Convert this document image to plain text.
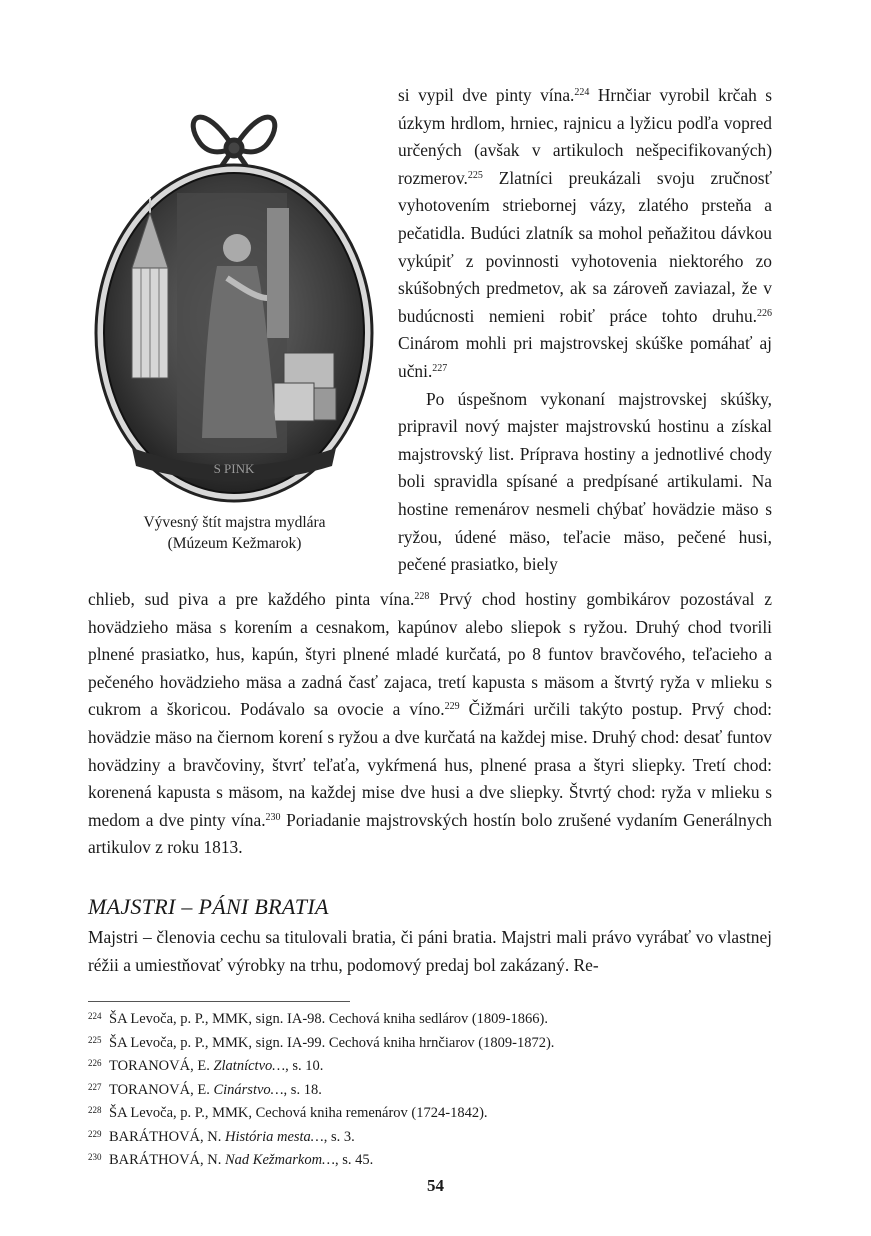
S PINK
Vývesný štít majstra mydlára
(Múzeum Kežmarok)

si vypil dve pinty vína.$^{224}$ Hrnčiar vyrobil krčah s úzkym hrdlom, hrniec, rajnicu a lyžicu podľa vopred určených (avšak v artikuloch nešpecifikovaných) rozmerov.$^{225}$ Zlatníci preukázali svoju zručnosť vyhotovením striebornej vázy, zlatého prsteňa a pečatidla. Budúci zlatník sa mohol peňažitou dávkou vykúpiť z povinnosti vyhotovenia niektorého zo skúšobných predmetov, ak sa zároveň zaviazal, že v budúcnosti nemieni robiť práce tohto druhu.$^{226}$ Cinárom mohli pri majstrovskej skúške pomáhať aj učni.$^{227}$

Po úspešnom vykonaní majstrovskej skúšky, pripravil nový majster majstrovskú hostinu a získal majstrovský list. Príprava hostiny a jednotlivé chody boli spravidla spísané a predpísané artikulami. Na hostine remenárov nesmeli chýbať hovädzie mäso s ryžou, údené mäso, teľacie mäso, pečené husi, pečené prasiatko, biely

chlieb, sud piva a pre každého pinta vína.$^{228}$ Prvý chod hostiny gombikárov pozostával z hovädzieho mäsa s korením a cesnakom, kapúnov alebo sliepok s ryžou. Druhý chod tvorili plnené prasiatko, hus, kapún, štyri plnené mladé kurčatá, po 8 funtov bravčového, teľacieho a pečeného hovädzieho mäsa a zadná časť zajaca, tretí kapusta s mäsom a štvrtý ryža v mlieku s cukrom a škoricou. Podávalo sa ovocie a víno.$^{229}$ Čižmári určili takýto postup. Prvý chod: hovädzie mäso na čiernom korení s ryžou a dve kurčatá na každej mise. Druhý chod: desať funtov hovädziny a bravčoviny, štvrť teľaťa, vykŕmená hus, plnené prasa a štyri sliepky. Tretí chod: korenená kapusta s mäsom, na každej mise dve husi a dve sliepky. Štvrtý chod: ryža v mlieku s medom a dve pinty vína.$^{230}$ Poriadanie majstrovských hostín bolo zrušené vydaním Generálnych artikulov z roku 1813.

MAJSTRI – PÁNI BRATIA

Majstri – členovia cechu sa titulovali bratia, či páni bratia. Majstri mali právo vyrábať vo vlastnej réžii a umiestňovať výrobky na trhu, podomový predaj bol zakázaný. Re-

224 ŠA Levoča, p. P., MMK, sign. IA-98. Cechová kniha sedlárov (1809-1866).
225 ŠA Levoča, p. P., MMK, sign. IA-99. Cechová kniha hrnčiarov (1809-1872).
226 TORANOVÁ, E. Zlatníctvo…, s. 10.
227 TORANOVÁ, E. Cinárstvo…, s. 18.
228 ŠA Levoča, p. P., MMK, Cechová kniha remenárov (1724-1842).
229 BARÁTHOVÁ, N. História mesta…, s. 3.
230 BARÁTHOVÁ, N. Nad Kežmarkom…, s. 45.
54
